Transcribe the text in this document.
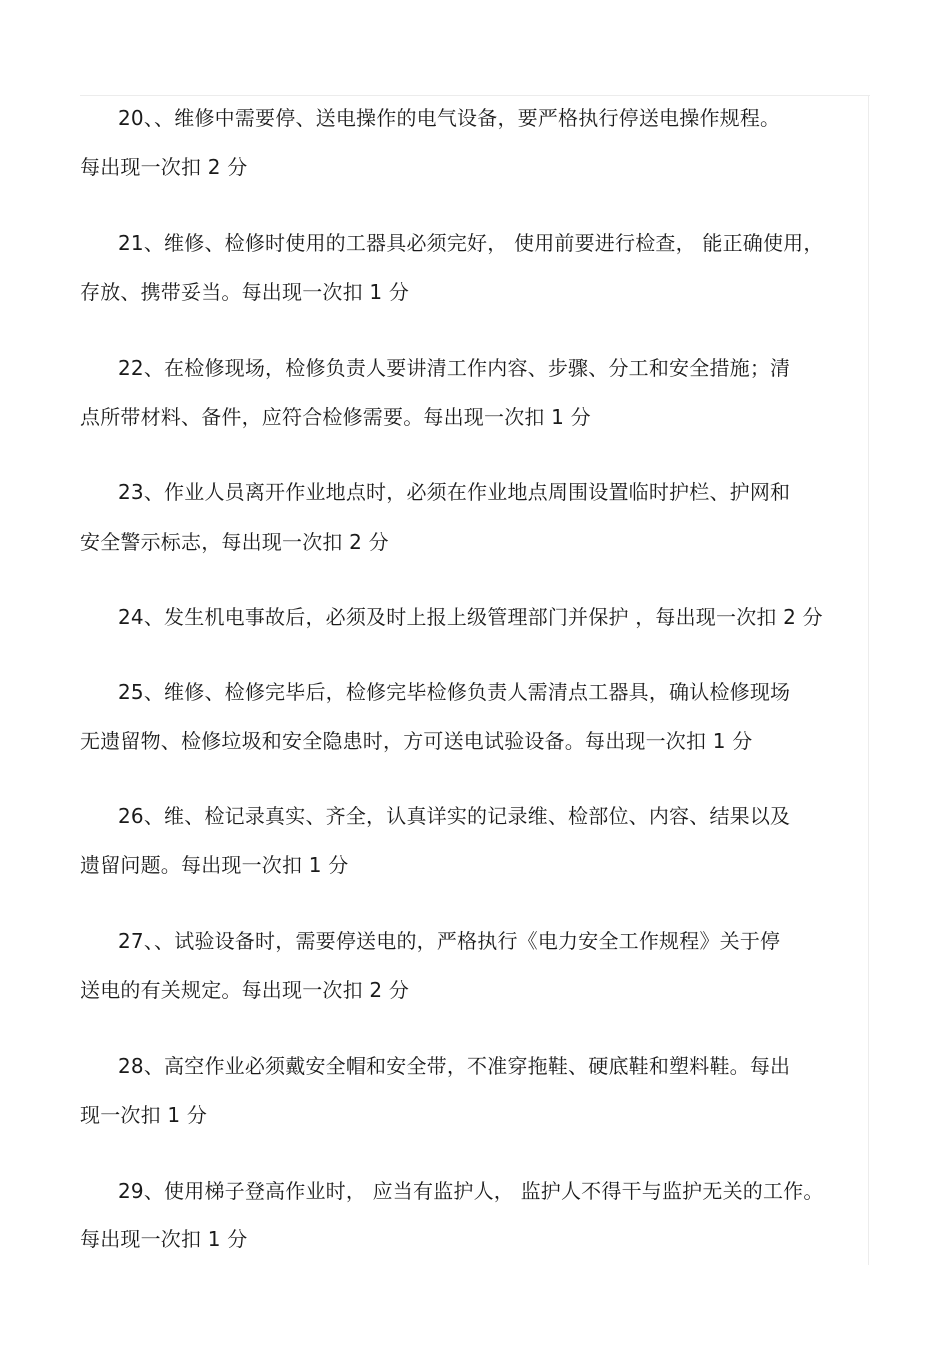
20、、维修中需要停、送电操作的电气设备，要严格执行停送电操作规程。
每出现一次扣 2 分
21、维修、检修时使用的工器具必须完好， 使用前要进行检查， 能正确使用，
存放、携带妥当。每出现一次扣 1 分
22、在检修现场，检修负责人要讲清工作内容、步骤、分工和安全措施；清
点所带材料、备件，应符合检修需要。每出现一次扣 1 分
23、作业人员离开作业地点时，必须在作业地点周围设置临时护栏、护网和
安全警示标志，每出现一次扣 2 分
24、发生机电事故后，必须及时上报上级管理部门并保护 ，每出现一次扣 2 分
25、维修、检修完毕后，检修完毕检修负责人需清点工器具，确认检修现场
无遗留物、检修垃圾和安全隐患时，方可送电试验设备。每出现一次扣 1 分
26、维、检记录真实、齐全，认真详实的记录维、检部位、内容、结果以及
遗留问题。每出现一次扣 1 分
27、、试验设备时，需要停送电的，严格执行《电力安全工作规程》关于停
送电的有关规定。每出现一次扣 2 分
28、高空作业必须戴安全帽和安全带，不准穿拖鞋、硬底鞋和塑料鞋。每出
现一次扣 1 分
29、使用梯子登高作业时， 应当有监护人， 监护人不得干与监护无关的工作。
每出现一次扣 1 分
